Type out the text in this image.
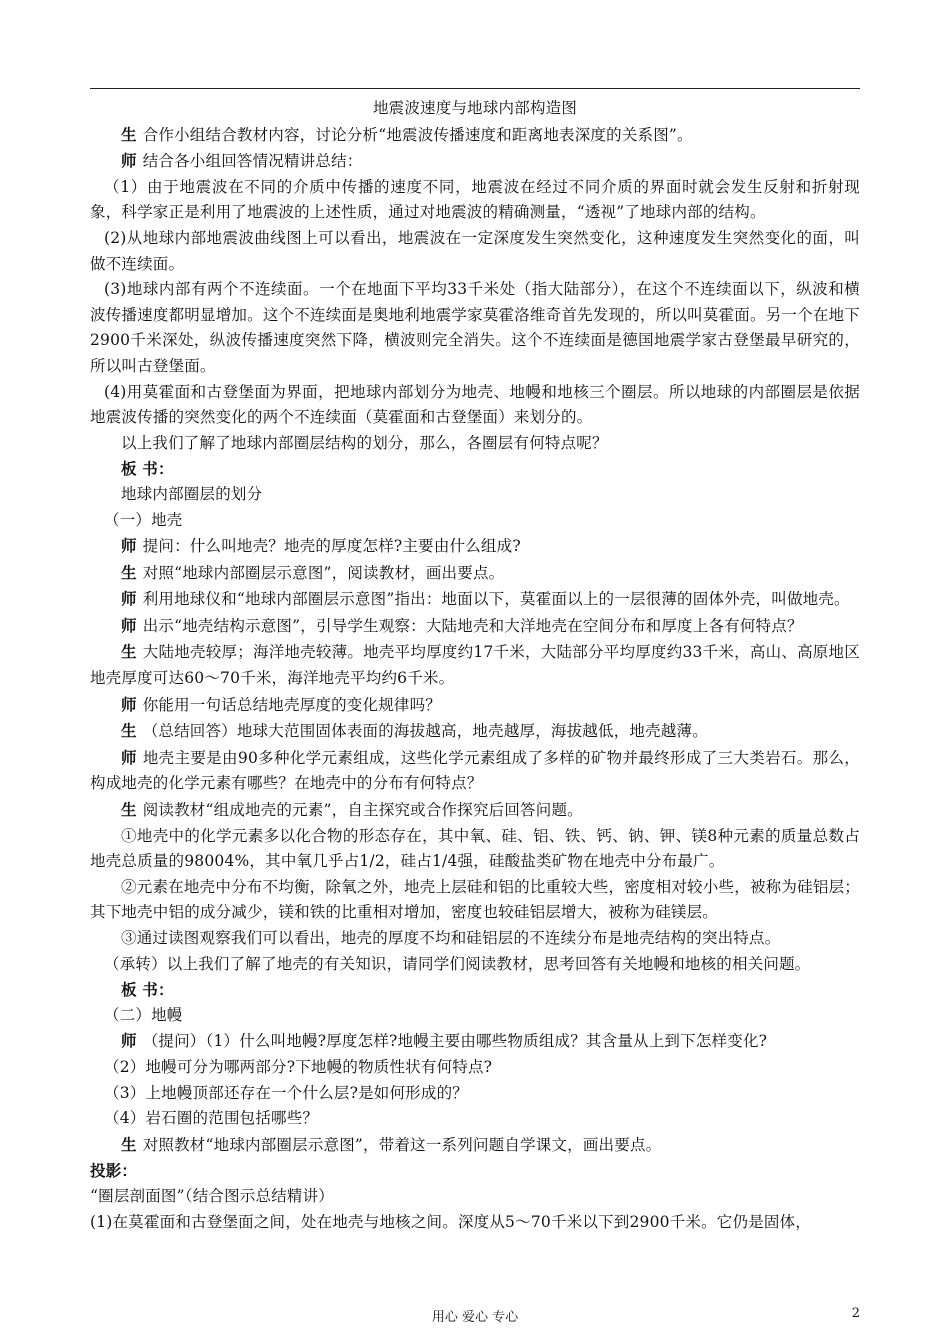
地震波速度与地球内部构造图

生 合作小组结合教材内容，讨论分析“地震波传播速度和距离地表深度的关系图”。

师 结合各小组回答情况精讲总结：

（1）由于地震波在不同的介质中传播的速度不同，地震波在经过不同介质的界面时就会发生反射和折射现象，科学家正是利用了地震波的上述性质，通过对地震波的精确测量，“透视”了地球内部的结构。

(2)从地球内部地震波曲线图上可以看出，地震波在一定深度发生突然变化，这种速度发生突然变化的面，叫做不连续面。

(3)地球内部有两个不连续面。一个在地面下平均33千米处（指大陆部分），在这个不连续面以下，纵波和横波传播速度都明显增加。这个不连续面是奥地利地震学家莫霍洛维奇首先发现的，所以叫莫霍面。另一个在地下2900千米深处，纵波传播速度突然下降，横波则完全消失。这个不连续面是德国地震学家古登堡最早研究的，所以叫古登堡面。

(4)用莫霍面和古登堡面为界面，把地球内部划分为地壳、地幔和地核三个圈层。所以地球的内部圈层是依据地震波传播的突然变化的两个不连续面（莫霍面和古登堡面）来划分的。

以上我们了解了地球内部圈层结构的划分，那么，各圈层有何特点呢？

板 书：

地球内部圈层的划分

（一）地壳

师 提问：什么叫地壳？地壳的厚度怎样?主要由什么组成?

生 对照“地球内部圈层示意图”，阅读教材，画出要点。

师 利用地球仪和“地球内部圈层示意图”指出：地面以下，莫霍面以上的一层很薄的固体外壳，叫做地壳。

师 出示“地壳结构示意图”，引导学生观察：大陆地壳和大洋地壳在空间分布和厚度上各有何特点？

生 大陆地壳较厚；海洋地壳较薄。地壳平均厚度约17千米，大陆部分平均厚度约33千米，高山、高原地区地壳厚度可达60～70千米，海洋地壳平均约6千米。

师 你能用一句话总结地壳厚度的变化规律吗？

生 （总结回答）地球大范围固体表面的海拔越高，地壳越厚，海拔越低，地壳越薄。

师 地壳主要是由90多种化学元素组成，这些化学元素组成了多样的矿物并最终形成了三大类岩石。那么，构成地壳的化学元素有哪些？在地壳中的分布有何特点？

生 阅读教材“组成地壳的元素”，自主探究或合作探究后回答问题。

①地壳中的化学元素多以化合物的形态存在，其中氧、硅、铝、铁、钙、钠、钾、镁8种元素的质量总数占地壳总质量的98004%，其中氧几乎占1/2，硅占1/4强，硅酸盐类矿物在地壳中分布最广。

②元素在地壳中分布不均衡，除氧之外，地壳上层硅和铝的比重较大些，密度相对较小些，被称为硅铝层；其下地壳中铝的成分减少，镁和铁的比重相对增加，密度也较硅铝层增大，被称为硅镁层。

③通过读图观察我们可以看出，地壳的厚度不均和硅铝层的不连续分布是地壳结构的突出特点。

（承转）以上我们了解了地壳的有关知识，请同学们阅读教材，思考回答有关地幔和地核的相关问题。

板 书：

（二）地幔

师 （提问）（1）什么叫地幔?厚度怎样?地幔主要由哪些物质组成？其含量从上到下怎样变化?

（2）地幔可分为哪两部分?下地幔的物质性状有何特点?

（3）上地幔顶部还存在一个什么层?是如何形成的？

（4）岩石圈的范围包括哪些？

生 对照教材“地球内部圈层示意图”，带着这一系列问题自学课文，画出要点。

投影：

“圈层剖面图”（结合图示总结精讲）

(1)在莫霍面和古登堡面之间，处在地壳与地核之间。深度从5～70千米以下到2900千米。它仍是固体，

用心 爱心 专心	2
